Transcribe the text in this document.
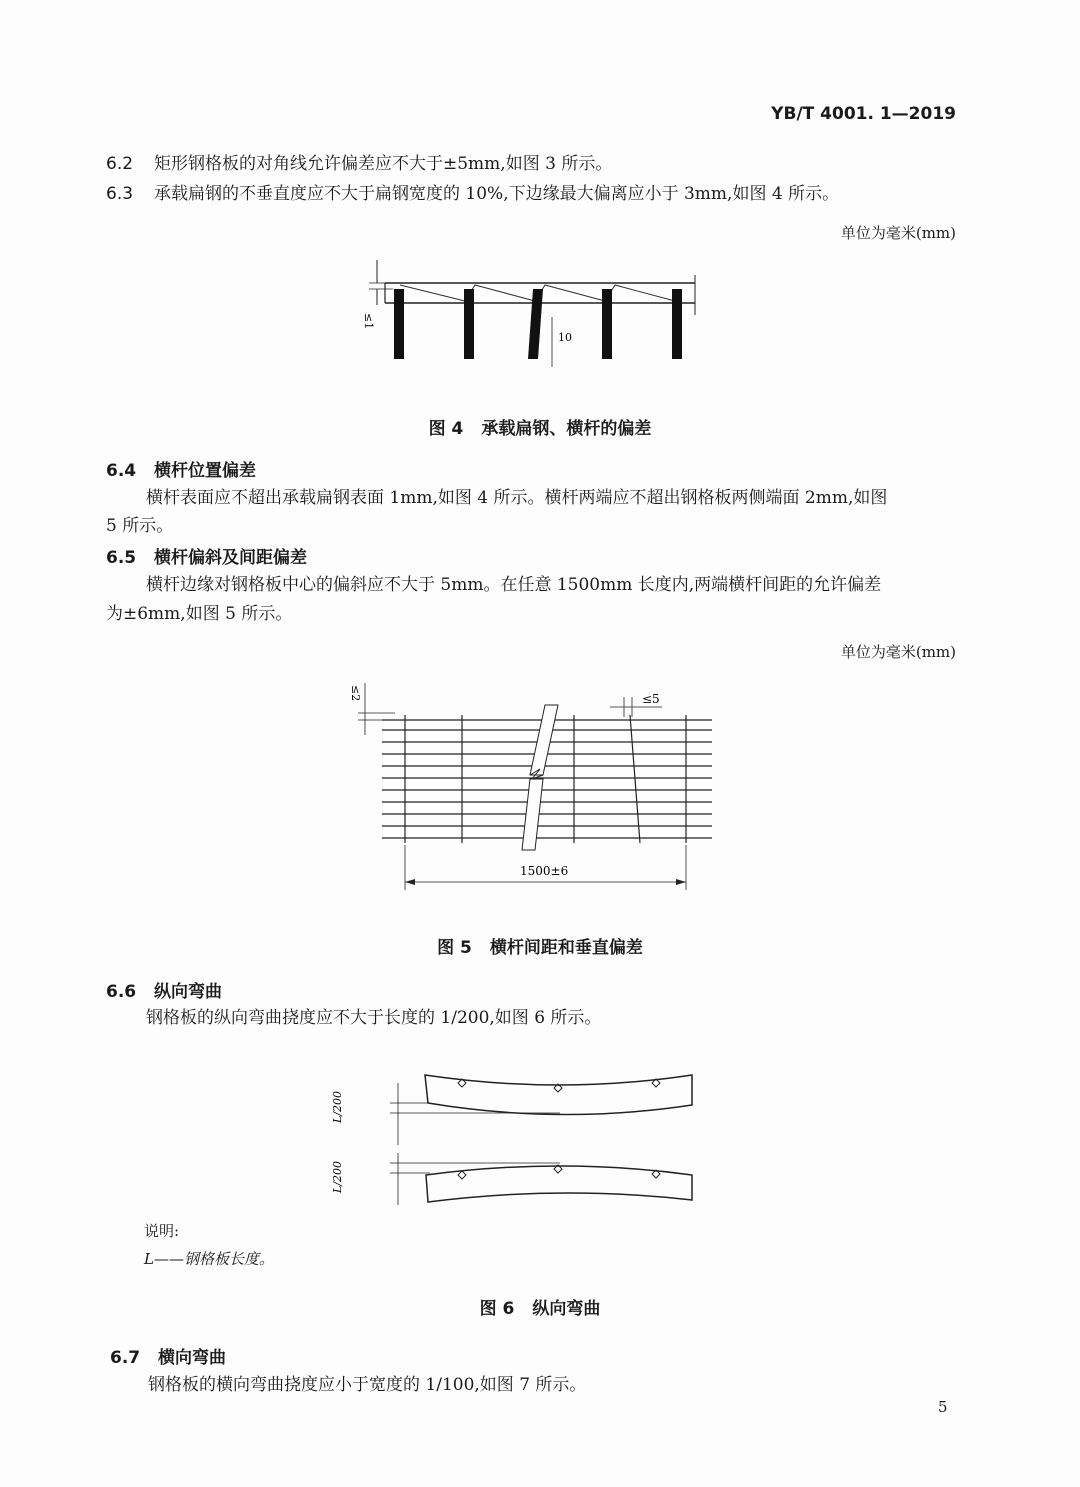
YB/T 4001. 1—2019
6.2 矩形钢格板的对角线允许偏差应不大于±5mm,如图 3 所示。
6.3 承载扁钢的不垂直度应不大于扁钢宽度的 10%,下边缘最大偏离应小于 3mm,如图 4 所示。
单位为毫米(mm)
≤1
10
图 4 承载扁钢、横杆的偏差
6.4 横杆位置偏差
横杆表面应不超出承载扁钢表面 1mm,如图 4 所示。横杆两端应不超出钢格板两侧端面 2mm,如图
5 所示。
6.5 横杆偏斜及间距偏差
横杆边缘对钢格板中心的偏斜应不大于 5mm。在任意 1500mm 长度内,两端横杆间距的允许偏差
为±6mm,如图 5 所示。
单位为毫米(mm)
≤2	≤5
1500±6
图 5 横杆间距和垂直偏差
6.6 纵向弯曲
钢格板的纵向弯曲挠度应不大于长度的 1/200,如图 6 所示。
L/200
L/200
说明:
L——钢格板长度。
图 6 纵向弯曲
6.7 横向弯曲
钢格板的横向弯曲挠度应小于宽度的 1/100,如图 7 所示。
5
